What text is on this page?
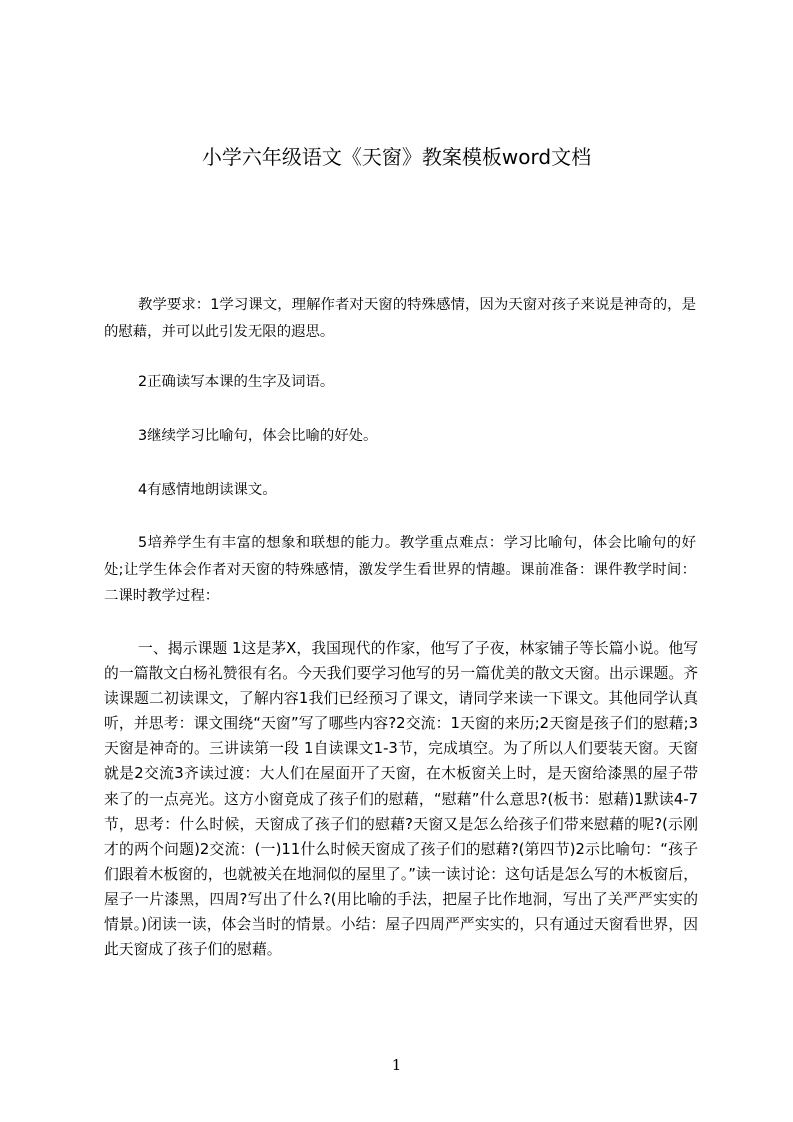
小学六年级语文《天窗》教案模板word文档

教学要求：1学习课文，理解作者对天窗的特殊感情，因为天窗对孩子来说是神奇的，是的慰藉，并可以此引发无限的遐思。

2正确读写本课的生字及词语。

3继续学习比喻句，体会比喻的好处。

4有感情地朗读课文。

5培养学生有丰富的想象和联想的能力。教学重点难点：学习比喻句，体会比喻句的好处;让学生体会作者对天窗的特殊感情，激发学生看世界的情趣。课前准备：课件教学时间：二课时教学过程：

一、揭示课题 1这是茅X，我国现代的作家，他写了子夜，林家铺子等长篇小说。他写的一篇散文白杨礼赞很有名。今天我们要学习他写的另一篇优美的散文天窗。出示课题。齐读课题二初读课文，了解内容1我们已经预习了课文，请同学来读一下课文。其他同学认真听，并思考：课文围绕“天窗”写了哪些内容?2交流：1天窗的来历;2天窗是孩子们的慰藉;3天窗是神奇的。三讲读第一段 1自读课文1-3节，完成填空。为了所以人们要装天窗。天窗就是2交流3齐读过渡：大人们在屋面开了天窗，在木板窗关上时，是天窗给漆黑的屋子带来了的一点亮光。这方小窗竟成了孩子们的慰藉，“慰藉”什么意思?(板书：慰藉)1默读4-7节，思考：什么时候，天窗成了孩子们的慰藉?天窗又是怎么给孩子们带来慰藉的呢?(示刚才的两个问题)2交流：(一)11什么时候天窗成了孩子们的慰藉?(第四节)2示比喻句：“孩子们跟着木板窗的，也就被关在地洞似的屋里了。”读一读讨论：这句话是怎么写的木板窗后，屋子一片漆黑，四周?写出了什么?(用比喻的手法，把屋子比作地洞，写出了关严严实实的情景。)闭读一读，体会当时的情景。小结：屋子四周严严实实的，只有通过天窗看世界，因此天窗成了孩子们的慰藉。

1
